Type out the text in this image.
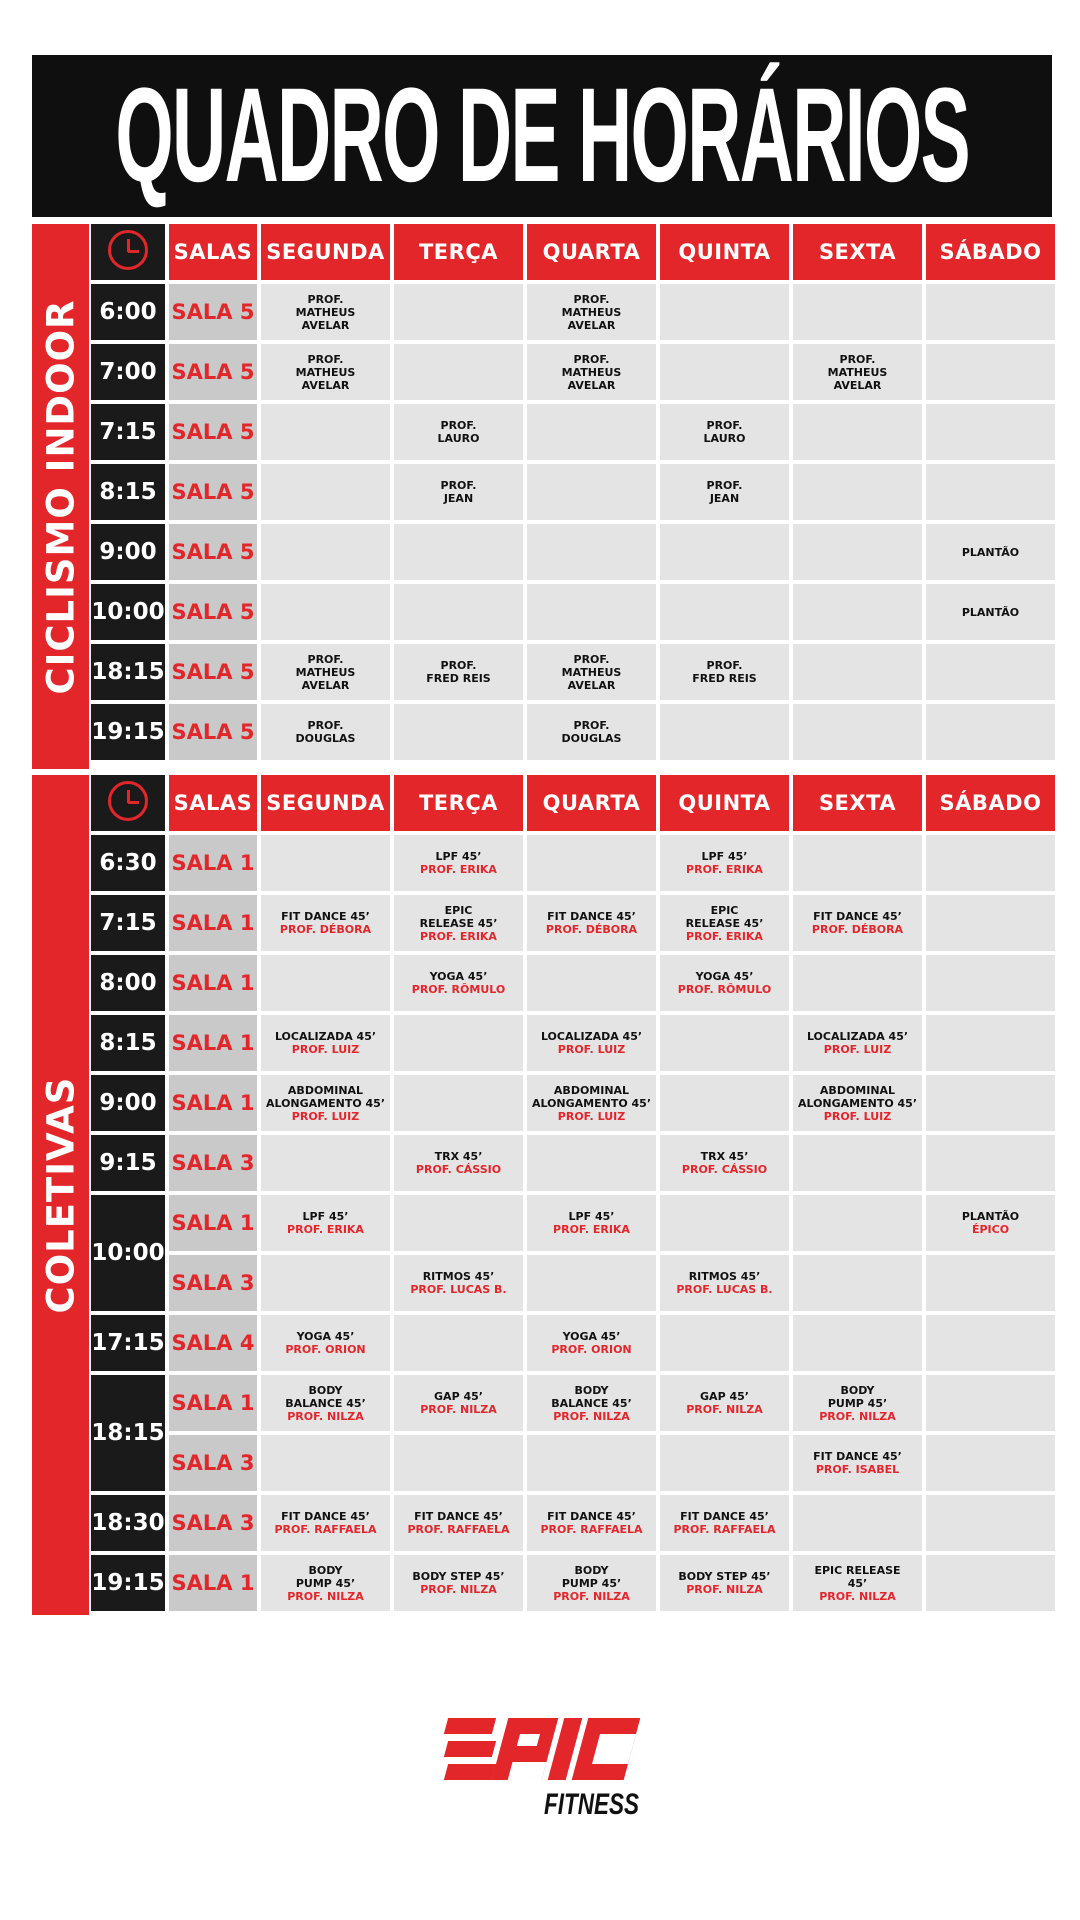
QUADRO DE HORÁRIOS
CICLISMO INDOOR
	SALAS	SEGUNDA	TERÇA	QUARTA	QUINTA	SEXTA	SÁBADO
6:00	SALA 5	PROF.
MATHEUS
AVELAR		PROF.
MATHEUS
AVELAR			

7:00	SALA 5	PROF.
MATHEUS
AVELAR		PROF.
MATHEUS
AVELAR		PROF.
MATHEUS
AVELAR	

7:15	SALA 5		PROF.
LAURO		PROF.
LAURO		

8:15	SALA 5		PROF.
JEAN		PROF.
JEAN		

9:00	SALA 5						PLANTÃO

10:00	SALA 5						PLANTÃO

18:15	SALA 5	PROF.
MATHEUS
AVELAR	PROF.
FRED REIS	PROF.
MATHEUS
AVELAR	PROF.
FRED REIS		

19:15	SALA 5	PROF.
DOUGLAS		PROF.
DOUGLAS			

COLETIVAS
	SALAS	SEGUNDA	TERÇA	QUARTA	QUINTA	SEXTA	SÁBADO
6:30	SALA 1		LPF 45’
PROF. ERIKA		LPF 45’
PROF. ERIKA		

7:15	SALA 1	FIT DANCE 45’
PROF. DÉBORA	EPIC
RELEASE 45’
PROF. ERIKA	FIT DANCE 45’
PROF. DÉBORA	EPIC
RELEASE 45’
PROF. ERIKA	FIT DANCE 45’
PROF. DÉBORA	

8:00	SALA 1		YOGA 45’
PROF. RÔMULO		YOGA 45’
PROF. RÔMULO		

8:15	SALA 1	LOCALIZADA 45’
PROF. LUIZ		LOCALIZADA 45’
PROF. LUIZ		LOCALIZADA 45’
PROF. LUIZ	

9:00	SALA 1	ABDOMINAL
ALONGAMENTO 45’
PROF. LUIZ		ABDOMINAL
ALONGAMENTO 45’
PROF. LUIZ		ABDOMINAL
ALONGAMENTO 45’
PROF. LUIZ	

9:15	SALA 3		TRX 45’
PROF. CÁSSIO		TRX 45’
PROF. CÁSSIO		

10:00	SALA 1	LPF 45’
PROF. ERIKA		LPF 45’
PROF. ERIKA			PLANTÃO
ÉPICO

	SALA 3		RITMOS 45’
PROF. LUCAS B.		RITMOS 45’
PROF. LUCAS B.		

17:15	SALA 4	YOGA 45’
PROF. ORION		YOGA 45’
PROF. ORION			

18:15	SALA 1	BODY
BALANCE 45’
PROF. NILZA	GAP 45’
PROF. NILZA	BODY
BALANCE 45’
PROF. NILZA	GAP 45’
PROF. NILZA	BODY
PUMP 45’
PROF. NILZA	

	SALA 3					FIT DANCE 45’
PROF. ISABEL	

18:30	SALA 3	FIT DANCE 45’
PROF. RAFFAELA	FIT DANCE 45’
PROF. RAFFAELA	FIT DANCE 45’
PROF. RAFFAELA	FIT DANCE 45’
PROF. RAFFAELA		

19:15	SALA 1	BODY
PUMP 45’
PROF. NILZA	BODY STEP 45’
PROF. NILZA	BODY
PUMP 45’
PROF. NILZA	BODY STEP 45’
PROF. NILZA	EPIC RELEASE
45’
PROF. NILZA	

FITNESS
